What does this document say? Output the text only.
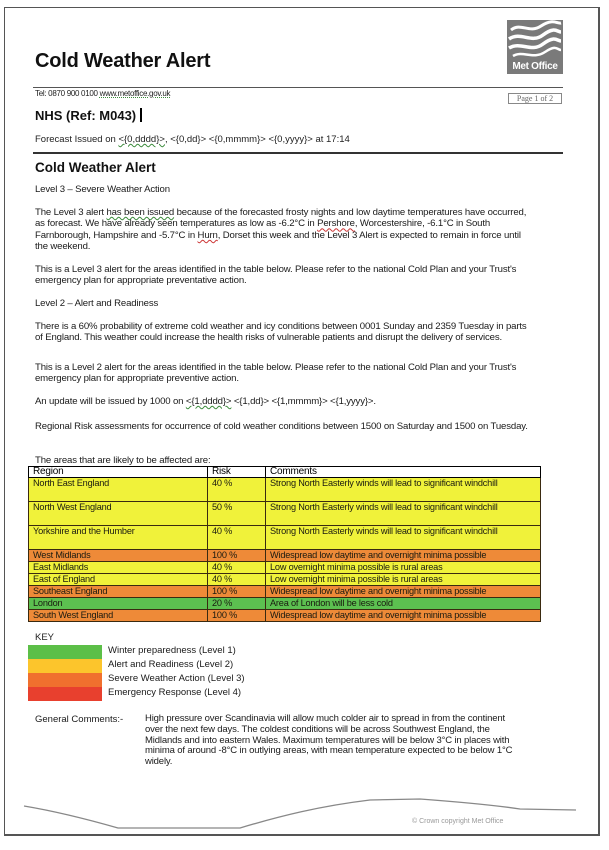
Cold Weather Alert	Met Office
Tel: 0870 900 0100 www.metoffice.gov.uk
Page 1 of 2
NHS (Ref: M043)
Forecast Issued on <{0,dddd}>, <{0,dd}> <{0,mmmm}> <{0,yyyy}> at 17:14
Cold Weather Alert
Level 3 – Severe Weather Action
The Level 3 alert has been issued because of the forecasted frosty nights and low daytime temperatures have occurred, as forecast. We have already seen temperatures as low as -6.2°C in Pershore, Worcestershire, -6.1°C in South Farnborough, Hampshire and -5.7°C in Hurn, Dorset this week and the Level 3 Alert is expected to remain in force until the weekend.
This is a Level 3 alert for the areas identified in the table below. Please refer to the national Cold Plan and your Trust's emergency plan for appropriate preventative action.
Level 2 – Alert and Readiness
There is a 60% probability of extreme cold weather and icy conditions between 0001 Sunday and 2359 Tuesday in parts of England. This weather could increase the health risks of vulnerable patients and disrupt the delivery of services.
This is a Level 2 alert for the areas identified in the table below. Please refer to the national Cold Plan and your Trust's emergency plan for appropriate preventive action.
An update will be issued by 1000 on <{1,dddd}> <{1,dd}> <{1,mmmm}> <{1,yyyy}>.
Regional Risk assessments for occurrence of cold weather conditions between 1500 on Saturday and 1500 on Tuesday.
The areas that are likely to be affected are:
Region	Risk	Comments
North East England	40 %	Strong North Easterly winds will lead to significant windchill
North West England	50 %	Strong North Easterly winds will lead to significant windchill
Yorkshire and the Humber	40 %	Strong North Easterly winds will lead to significant windchill
West Midlands	100 %	Widespread low daytime and overnight minima possible
East Midlands	40 %	Low overnight minima possible is rural areas
East of England	40 %	Low overnight minima possible is rural areas
Southeast England	100 %	Widespread low daytime and overnight minima possible
London	20 %	Area of London will be less cold
South West England	100 %	Widespread low daytime and overnight minima possible
KEY
Winter preparedness (Level 1)
Alert and Readiness (Level 2)
Severe Weather Action (Level 3)
Emergency Response (Level 4)
General Comments:- High pressure over Scandinavia will allow much colder air to spread in from the continent over the next few days. The coldest conditions will be across Southwest England, the Midlands and into eastern Wales. Maximum temperatures will be below 3°C in places with minima of around -8°C in outlying areas, with mean temperature expected to be below 1°C widely.
© Crown copyright Met Office
